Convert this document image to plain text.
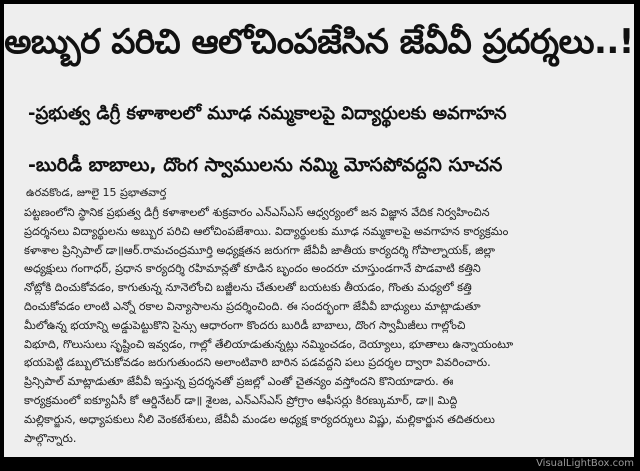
అబ్బుర పరిచి ఆలోచింపజేసిన జేవీవీ ప్రదర్శలు..!
-ప్రభుత్వ డిగ్రీ కళాశాలలో మూఢ నమ్మకాలపై విద్యార్థులకు అవగాహన
-బురిడీ బాబాలు, దొంగ స్వాములను నమ్మి మోసపోవద్దని సూచన
ఉరవకొండ, జూలై 15 ప్రభాతవార్త
పట్టణంలోని స్థానిక ప్రభుత్వ డిగ్రీ కళాశాలలో శుక్రవారం ఎన్ఎస్ఎస్ ఆధ్వర్యంలో జన విజ్ఞాన వేదిక నిర్వహించిన
ప్రదర్శనలు విద్యార్థులను అబ్బుర పరిచి ఆలోచింపజేశాయి. విద్యార్థులకు మూఢ నమ్మకాలపై అవగాహన కార్యక్రమం
కళాశాల ప్రిన్సిపాల్ డా॥ఆర్.రామచంద్రమూర్తి అధ్యక్షతన జరుగగా జేవీవీ జాతీయ కార్యదర్శి గోపాల్నాయక్, జిల్లా
అధ్యక్షులు గంగాధర్, ప్రధాన కార్యదర్శి రహిమాన్లతో కూడిన బృందం అందరూ చూస్తుండగానే పొడవాటి కత్తిని
నోట్లోకి దించుకోవడం, కాగుతున్న నూనెలోంచి బజ్జీలను చేతులతో బయటకు తీయడం, గొంతు మధ్యలో కత్తి
దించుకోవడం లాంటి ఎన్నో రకాల విన్యాసాలను ప్రదర్శించింది. ఈ సందర్భంగా జేవీవీ బాధ్యులు మాట్లాడుతూ
మీలోఉన్న భయాన్ని అడ్డుపెట్టుకొని సైన్సు ఆధారంగా కొందరు బురిడీ బాబాలు, దొంగ స్వామీజీలు గాల్లోంచి
విభూది, గొలుసులు సృష్టించి ఇవ్వడం, గాల్లో తేలియాడుతున్నట్లు నమ్మించడం, దెయ్యాలు, భూతాలు ఉన్నాయంటూ
భయపెట్టి డబ్బులొచుకోవడం జరుగుతుందని అలాంటివారి బారిన పడవద్దని పలు ప్రదర్శల ద్వారా వివరించారు.
ప్రిన్సిపాల్ మాట్లాడుతూ జేవీవీ ఇస్తున్న ప్రదర్శనతో ప్రజల్లో ఎంతో చైతన్యం వస్తోందని కొనియాడారు. ఈ
కార్యక్రమంలో ఐక్యూఏసీ కో ఆర్డినేటర్ డా॥ శైలజ, ఎన్ఎస్ఎస్ ప్రోగ్రాం ఆఫీసర్లు కిరణ్కుమార్, డా॥ మిద్ది
మల్లికార్జున, అధ్యాపకులు నీలి వెంకటేశులు, జేవీవీ మండల అధ్యక్ష కార్యదర్శులు విష్ణు, మల్లికార్జున తదితరులు
పాల్గొన్నారు.
VisualLightBox.com
